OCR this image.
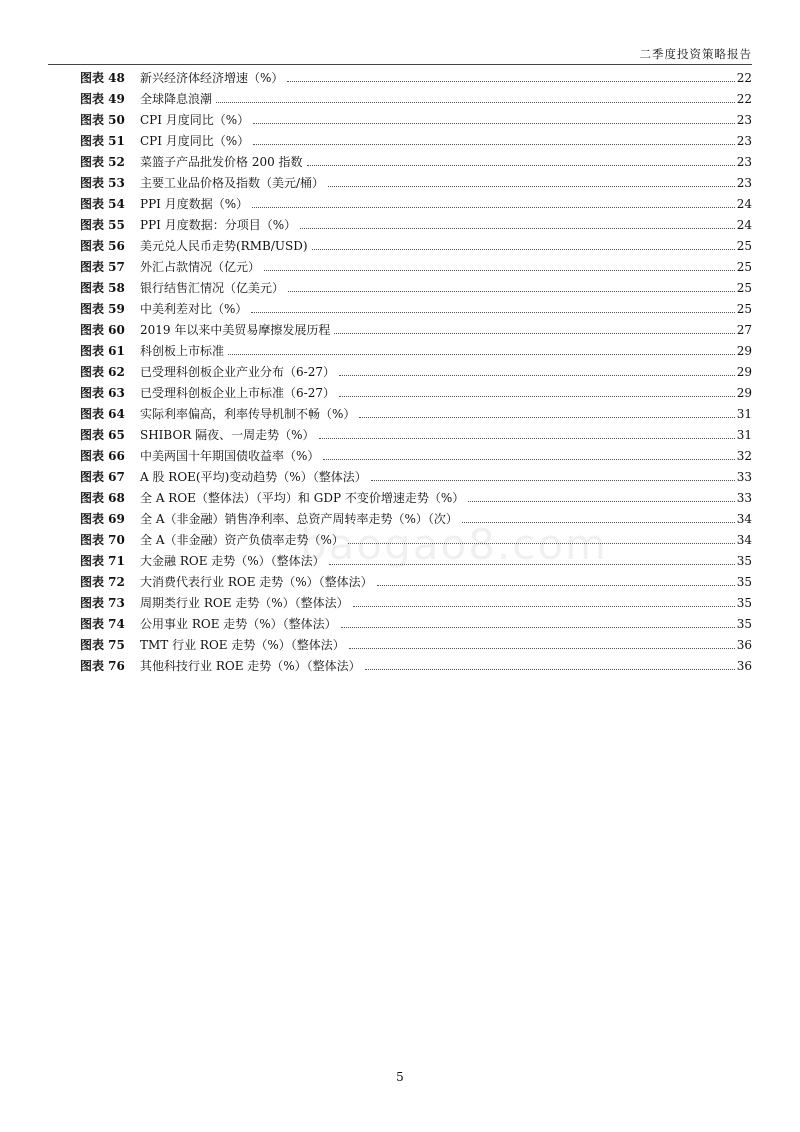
二季度投资策略报告
图表 48	新兴经济体经济增速（%）	22
图表 49	全球降息浪潮	22
图表 50	CPI 月度同比（%）	23
图表 51	CPI 月度同比（%）	23
图表 52	菜篮子产品批发价格 200 指数	23
图表 53	主要工业品价格及指数（美元/桶）	23
图表 54	PPI 月度数据（%）	24
图表 55	PPI 月度数据：分项目（%）	24
图表 56	美元兑人民币走势(RMB/USD)	25
图表 57	外汇占款情况（亿元）	25
图表 58	银行结售汇情况（亿美元）	25
图表 59	中美利差对比（%）	25
图表 60	2019 年以来中美贸易摩擦发展历程	27
图表 61	科创板上市标准	29
图表 62	已受理科创板企业产业分布（6-27）	29
图表 63	已受理科创板企业上市标准（6-27）	29
图表 64	实际利率偏高，利率传导机制不畅（%）	31
图表 65	SHIBOR 隔夜、一周走势（%）	31
图表 66	中美两国十年期国债收益率（%）	32
图表 67	A 股 ROE(平均)变动趋势（%）（整体法）	33
图表 68	全 A ROE（整体法）（平均）和 GDP 不变价增速走势（%）	33
图表 69	全 A（非金融）销售净利率、总资产周转率走势（%）（次）	34
图表 70	全 A（非金融）资产负债率走势（%）	34
图表 71	大金融 ROE 走势（%）（整体法）	35
图表 72	大消费代表行业 ROE 走势（%）（整体法）	35
图表 73	周期类行业 ROE 走势（%）（整体法）	35
图表 74	公用事业 ROE 走势（%）（整体法）	35
图表 75	TMT 行业 ROE 走势（%）（整体法）	36
图表 76	其他科技行业 ROE 走势（%）（整体法）	36
baogao8.com
5
